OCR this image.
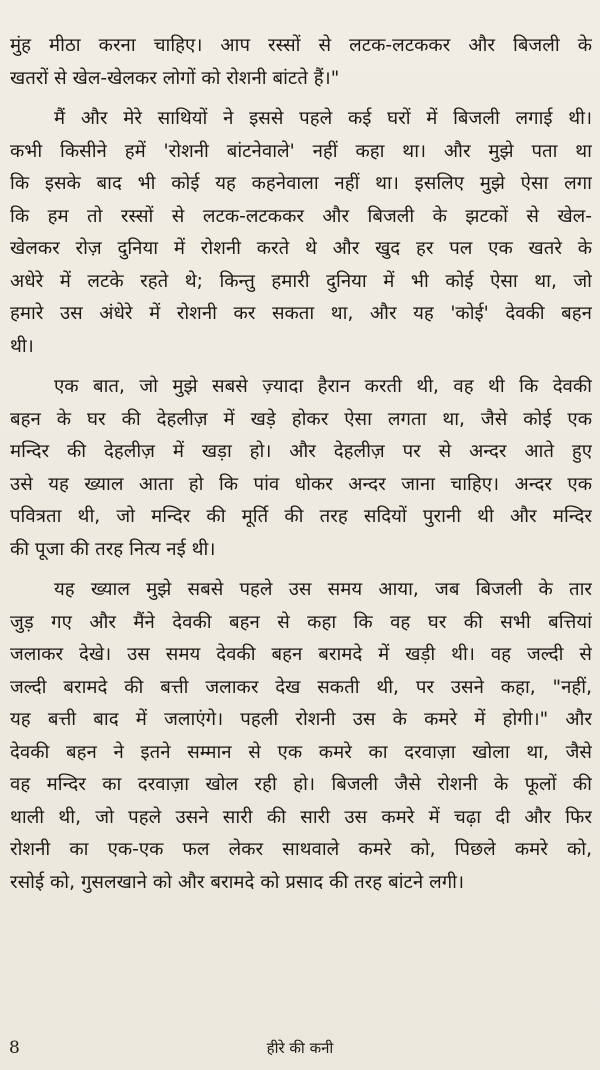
मुंह मीठा करना चाहिए। आप रस्सों से लटक-लटककर और बिजली के
खतरों से खेल-खेलकर लोगों को रोशनी बांटते हैं।"
मैं और मेरे साथियों ने इससे पहले कई घरों में बिजली लगाई थी।
कभी किसीने हमें 'रोशनी बांटनेवाले' नहीं कहा था। और मुझे पता था
कि इसके बाद भी कोई यह कहनेवाला नहीं था। इसलिए मुझे ऐसा लगा
कि हम तो रस्सों से लटक-लटककर और बिजली के झटकों से खेल-
खेलकर रोज़ दुनिया में रोशनी करते थे और खुद हर पल एक खतरे के
अधेरे में लटके रहते थे; किन्तु हमारी दुनिया में भी कोई ऐसा था, जो
हमारे उस अंधेरे में रोशनी कर सकता था, और यह 'कोई' देवकी बहन
थी।
एक बात, जो मुझे सबसे ज़्यादा हैरान करती थी, वह थी कि देवकी
बहन के घर की देहलीज़ में खड़े होकर ऐसा लगता था, जैसे कोई एक
मन्दिर की देहलीज़ में खड़ा हो। और देहलीज़ पर से अन्दर आते हुए
उसे यह ख्याल आता हो कि पांव धोकर अन्दर जाना चाहिए। अन्दर एक
पवित्रता थी, जो मन्दिर की मूर्ति की तरह सदियों पुरानी थी और मन्दिर
की पूजा की तरह नित्य नई थी।
यह ख्याल मुझे सबसे पहले उस समय आया, जब बिजली के तार
जुड़ गए और मैंने देवकी बहन से कहा कि वह घर की सभी बत्तियां
जलाकर देखे। उस समय देवकी बहन बरामदे में खड़ी थी। वह जल्दी से
जल्दी बरामदे की बत्ती जलाकर देख सकती थी, पर उसने कहा, "नहीं,
यह बत्ती बाद में जलाएंगे। पहली रोशनी उस के कमरे में होगी।" और
देवकी बहन ने इतने सम्मान से एक कमरे का दरवाज़ा खोला था, जैसे
वह मन्दिर का दरवाज़ा खोल रही हो। बिजली जैसे रोशनी के फूलों की
थाली थी, जो पहले उसने सारी की सारी उस कमरे में चढ़ा दी और फिर
रोशनी का एक-एक फल लेकर साथवाले कमरे को, पिछले कमरे को,
रसोई को, गुसलखाने को और बरामदे को प्रसाद की तरह बांटने लगी।
8	हीरे की कनी
